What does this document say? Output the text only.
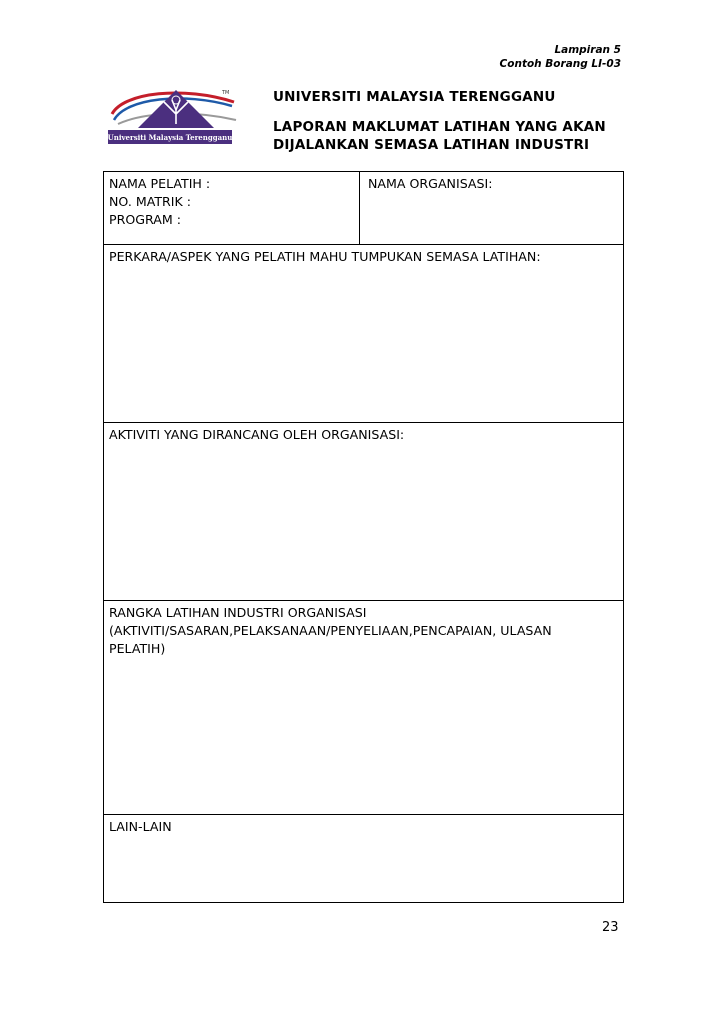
Lampiran 5
Contoh Borang LI-03
Universiti Malaysia Terengganu
TM	UNIVERSITI MALAYSIA TERENGGANU
LAPORAN MAKLUMAT LATIHAN YANG AKAN
DIJALANKAN SEMASA LATIHAN INDUSTRI
NAMA PELATIH :
NO. MATRIK :
PROGRAM :
NAMA ORGANISASI:
PERKARA/ASPEK YANG PELATIH MAHU TUMPUKAN SEMASA LATIHAN:
AKTIVITI YANG DIRANCANG OLEH ORGANISASI:
RANGKA LATIHAN INDUSTRI ORGANISASI
(AKTIVITI/SASARAN,PELAKSANAAN/PENYELIAAN,PENCAPAIAN, ULASAN
PELATIH)
LAIN-LAIN
23
